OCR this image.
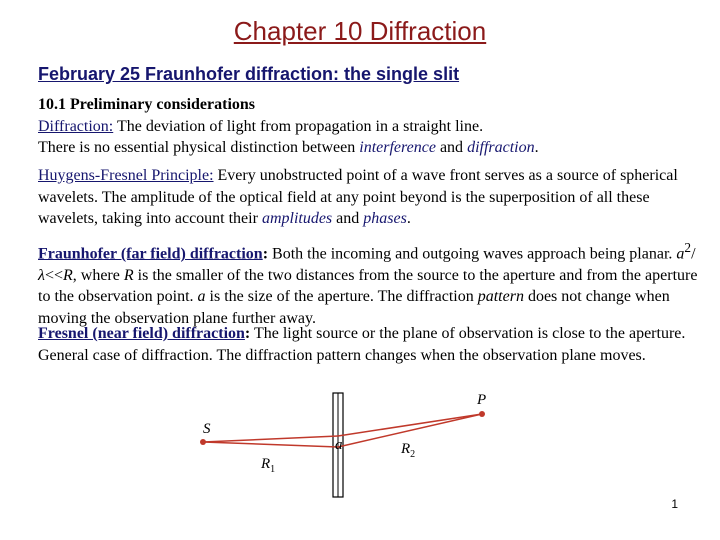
Chapter 10 Diffraction
February 25 Fraunhofer diffraction: the single slit
10.1 Preliminary considerations
Diffraction: The deviation of light from propagation in a straight line.
There is no essential physical distinction between interference and diffraction.
Huygens-Fresnel Principle: Every unobstructed point of a wave front serves as a source of spherical wavelets. The amplitude of the optical field at any point beyond is the superposition of all these wavelets, taking into account their amplitudes and phases.
Fraunhofer (far field) diffraction: Both the incoming and outgoing waves approach being planar. $a^2/\lambda<<R$, where R is the smaller of the two distances from the source to the aperture and from the aperture to the observation point. a is the size of the aperture. The diffraction pattern does not change when moving the observation plane further away.
Fresnel (near field) diffraction: The light source or the plane of observation is close to the aperture. General case of diffraction. The diffraction pattern changes when the observation plane moves.
P
S
a
$R_1$
$R_2$
1
